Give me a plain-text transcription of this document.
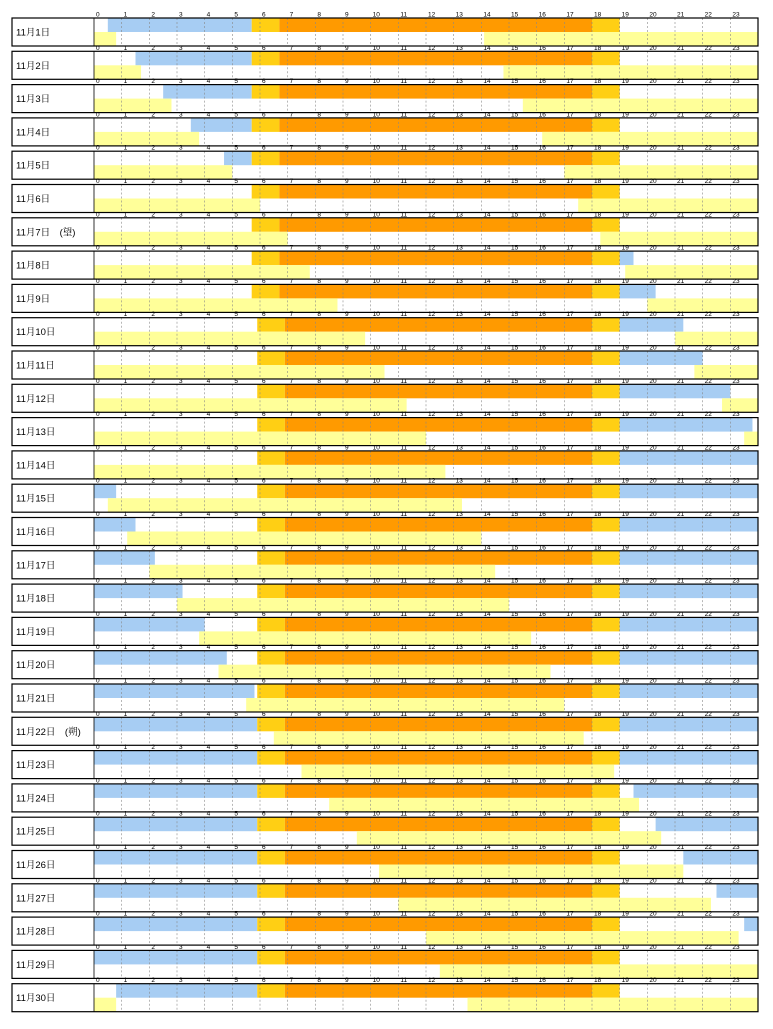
0	1	2	3	4	5	6	7	8	9	10	11	12	13	14	15	16	17	18	19	20	21	22	23
11月1日
0	1	2	3	4	5	6	7	8	9	10	11	12	13	14	15	16	17	18	19	20	21	22	23
11月2日
0	1	2	3	4	5	6	7	8	9	10	11	12	13	14	15	16	17	18	19	20	21	22	23
11月3日
0	1	2	3	4	5	6	7	8	9	10	11	12	13	14	15	16	17	18	19	20	21	22	23
11月4日
0	1	2	3	4	5	6	7	8	9	10	11	12	13	14	15	16	17	18	19	20	21	22	23
11月5日
0	1	2	3	4	5	6	7	8	9	10	11	12	13	14	15	16	17	18	19	20	21	22	23
11月6日
0	1	2	3	4	5	6	7	8	9	10	11	12	13	14	15	16	17	18	19	20	21	22	23
11月7日　(望)
0	1	2	3	4	5	6	7	8	9	10	11	12	13	14	15	16	17	18	19	20	21	22	23
11月8日
0	1	2	3	4	5	6	7	8	9	10	11	12	13	14	15	16	17	18	19	20	21	22	23
11月9日
0	1	2	3	4	5	6	7	8	9	10	11	12	13	14	15	16	17	18	19	20	21	22	23
11月10日
0	1	2	3	4	5	6	7	8	9	10	11	12	13	14	15	16	17	18	19	20	21	22	23
11月11日
0	1	2	3	4	5	6	7	8	9	10	11	12	13	14	15	16	17	18	19	20	21	22	23
11月12日
0	1	2	3	4	5	6	7	8	9	10	11	12	13	14	15	16	17	18	19	20	21	22	23
11月13日
0	1	2	3	4	5	6	7	8	9	10	11	12	13	14	15	16	17	18	19	20	21	22	23
11月14日
0	1	2	3	4	5	6	7	8	9	10	11	12	13	14	15	16	17	18	19	20	21	22	23
11月15日
0	1	2	3	4	5	6	7	8	9	10	11	12	13	14	15	16	17	18	19	20	21	22	23
11月16日
0	1	2	3	4	5	6	7	8	9	10	11	12	13	14	15	16	17	18	19	20	21	22	23
11月17日
0	1	2	3	4	5	6	7	8	9	10	11	12	13	14	15	16	17	18	19	20	21	22	23
11月18日
0	1	2	3	4	5	6	7	8	9	10	11	12	13	14	15	16	17	18	19	20	21	22	23
11月19日
0	1	2	3	4	5	6	7	8	9	10	11	12	13	14	15	16	17	18	19	20	21	22	23
11月20日
0	1	2	3	4	5	6	7	8	9	10	11	12	13	14	15	16	17	18	19	20	21	22	23
11月21日
0	1	2	3	4	5	6	7	8	9	10	11	12	13	14	15	16	17	18	19	20	21	22	23
11月22日　(朔)
0	1	2	3	4	5	6	7	8	9	10	11	12	13	14	15	16	17	18	19	20	21	22	23
11月23日
0	1	2	3	4	5	6	7	8	9	10	11	12	13	14	15	16	17	18	19	20	21	22	23
11月24日
0	1	2	3	4	5	6	7	8	9	10	11	12	13	14	15	16	17	18	19	20	21	22	23
11月25日
0	1	2	3	4	5	6	7	8	9	10	11	12	13	14	15	16	17	18	19	20	21	22	23
11月26日
0	1	2	3	4	5	6	7	8	9	10	11	12	13	14	15	16	17	18	19	20	21	22	23
11月27日
0	1	2	3	4	5	6	7	8	9	10	11	12	13	14	15	16	17	18	19	20	21	22	23
11月28日
0	1	2	3	4	5	6	7	8	9	10	11	12	13	14	15	16	17	18	19	20	21	22	23
11月29日
0	1	2	3	4	5	6	7	8	9	10	11	12	13	14	15	16	17	18	19	20	21	22	23
11月30日
